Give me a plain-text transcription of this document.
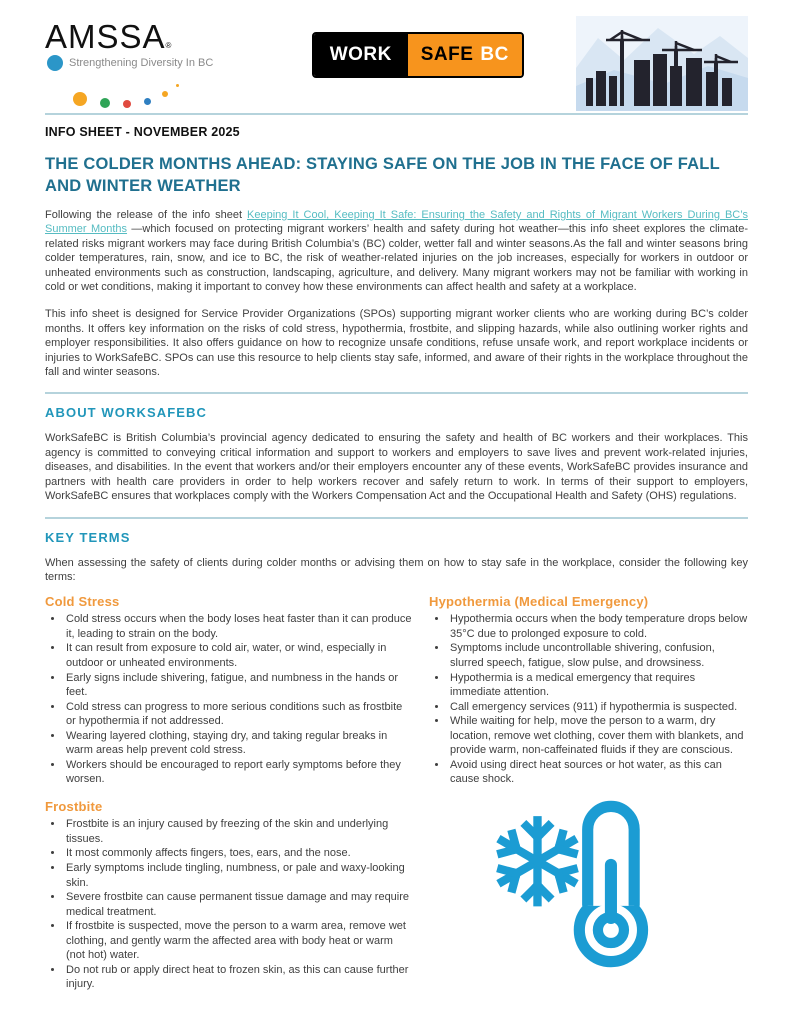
AMSSA®
Strengthening Diversity In BC	WORK SAFE BC
INFO SHEET - NOVEMBER 2025
THE COLDER MONTHS AHEAD: STAYING SAFE ON THE JOB IN THE FACE OF FALL AND WINTER WEATHER

Following the release of the info sheet Keeping It Cool, Keeping It Safe: Ensuring the Safety and Rights of Migrant Workers During BC’s Summer Months —which focused on protecting migrant workers’ health and safety during hot weather—this info sheet explores the climate-related risks migrant workers may face during British Columbia’s (BC) colder, wetter fall and winter seasons.As the fall and winter seasons bring colder temperatures, rain, snow, and ice to BC, the risk of weather-related injuries on the job increases, especially for workers in outdoor or unheated environments such as construction, landscaping, agriculture, and delivery. Many migrant workers may not be familiar with working in cold or wet conditions, making it important to convey how these environments can affect health and safety at a workplace.

This info sheet is designed for Service Provider Organizations (SPOs) supporting migrant worker clients who are working during BC’s colder months. It offers key information on the risks of cold stress, hypothermia, frostbite, and slipping hazards, while also outlining worker rights and employer responsibilities. It also offers guidance on how to recognize unsafe conditions, refuse unsafe work, and report workplace incidents or injuries to WorkSafeBC. SPOs can use this resource to help clients stay safe, informed, and aware of their rights in the workplace throughout the fall and winter seasons.

ABOUT WORKSAFEBC

WorkSafeBC is British Columbia’s provincial agency dedicated to ensuring the safety and health of BC workers and their workplaces. This agency is committed to conveying critical information and support to workers and employers to save lives and prevent work-related injuries, diseases, and disabilities. In the event that workers and/or their employers encounter any of these events, WorkSafeBC provides insurance and partners with health care providers in order to help workers recover and safely return to work. In terms of their support to employers, WorkSafeBC ensures that workplaces comply with the Workers Compensation Act and the Occupational Health and Safety (OHS) regulations.

KEY TERMS

When assessing the safety of clients during colder months or advising them on how to stay safe in the workplace, consider the following key terms:

Cold Stress
• Cold stress occurs when the body loses heat faster than it can produce it, leading to strain on the body.
• It can result from exposure to cold air, water, or wind, especially in outdoor or unheated environments.
• Early signs include shivering, fatigue, and numbness in the hands or feet.
• Cold stress can progress to more serious conditions such as frostbite or hypothermia if not addressed.
• Wearing layered clothing, staying dry, and taking regular breaks in warm areas help prevent cold stress.
• Workers should be encouraged to report early symptoms before they worsen.
Frostbite
• Frostbite is an injury caused by freezing of the skin and underlying tissues.
• It most commonly affects fingers, toes, ears, and the nose.
• Early symptoms include tingling, numbness, or pale and waxy-looking skin.
• Severe frostbite can cause permanent tissue damage and may require medical treatment.
• If frostbite is suspected, move the person to a warm area, remove wet clothing, and gently warm the affected area with body heat or warm (not hot) water.
• Do not rub or apply direct heat to frozen skin, as this can cause further injury.
Hypothermia (Medical Emergency)
• Hypothermia occurs when the body temperature drops below 35°C due to prolonged exposure to cold.
• Symptoms include uncontrollable shivering, confusion, slurred speech, fatigue, slow pulse, and drowsiness.
• Hypothermia is a medical emergency that requires immediate attention.
• Call emergency services (911) if hypothermia is suspected.
• While waiting for help, move the person to a warm, dry location, remove wet clothing, cover them with blankets, and provide warm, non-caffeinated fluids if they are conscious.
• Avoid using direct heat sources or hot water, as this can cause shock.
